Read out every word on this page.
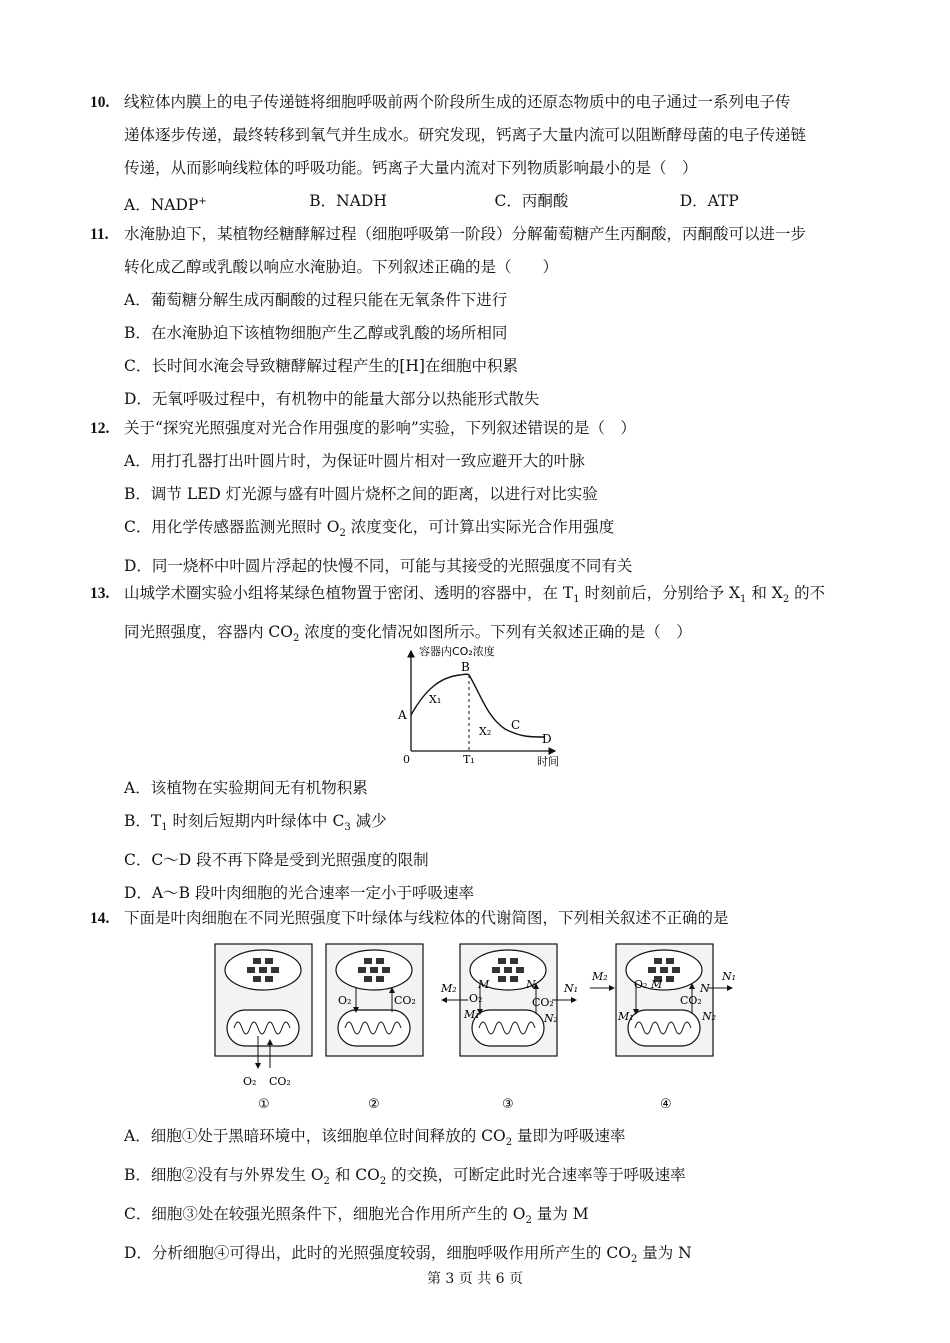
10. 线粒体内膜上的电子传递链将细胞呼吸前两个阶段所生成的还原态物质中的电子通过一系列电子传
递体逐步传递，最终转移到氧气并生成水。研究发现，钙离子大量内流可以阻断酵母菌的电子传递链
传递，从而影响线粒体的呼吸功能。钙离子大量内流对下列物质影响最小的是（　）
A．NADP+	B．NADH	C．丙酮酸	D．ATP
11. 水淹胁迫下，某植物经糖酵解过程（细胞呼吸第一阶段）分解葡萄糖产生丙酮酸，丙酮酸可以进一步
转化成乙醇或乳酸以响应水淹胁迫。下列叙述正确的是（　　）
A．葡萄糖分解生成丙酮酸的过程只能在无氧条件下进行
B．在水淹胁迫下该植物细胞产生乙醇或乳酸的场所相同
C．长时间水淹会导致糖酵解过程产生的[H]在细胞中积累
D．无氧呼吸过程中，有机物中的能量大部分以热能形式散失
12. 关于“探究光照强度对光合作用强度的影响”实验，下列叙述错误的是（　）
A．用打孔器打出叶圆片时，为保证叶圆片相对一致应避开大的叶脉
B．调节 LED 灯光源与盛有叶圆片烧杯之间的距离，以进行对比实验
C．用化学传感器监测光照时 $O_2$ 浓度变化，可计算出实际光合作用强度
D．同一烧杯中叶圆片浮起的快慢不同，可能与其接受的光照强度不同有关
13. 山城学术圈实验小组将某绿色植物置于密闭、透明的容器中，在 $T_1$ 时刻前后，分别给予 $X_1$ 和 $X_2$ 的不
同光照强度，容器内 $CO_2$ 浓度的变化情况如图所示。下列有关叙述正确的是（　）
容器内CO₂浓度
时间
0	T₁
A
B
C
D
X₁
X₂
A．该植物在实验期间无有机物积累
B．$T_1$ 时刻后短期内叶绿体中 $C_3$ 减少
C．C～D 段不再下降是受到光照强度的限制
D．A～B 段叶肉细胞的光合速率一定小于呼吸速率
14. 下面是叶肉细胞在不同光照强度下叶绿体与线粒体的代谢简图，下列相关叙述不正确的是
O₂ CO₂
①
O₂	CO₂
②
M₂ M
O₂
M₁
N
CO₂
N₂
N₁
③
M₂
O₂ M
M₁
CO₂
N
N₂
N₁
④
A．细胞①处于黑暗环境中，该细胞单位时间释放的 $CO_2$ 量即为呼吸速率
B．细胞②没有与外界发生 $O_2$ 和 $CO_2$ 的交换，可断定此时光合速率等于呼吸速率
C．细胞③处在较强光照条件下，细胞光合作用所产生的 $O_2$ 量为 M
D．分析细胞④可得出，此时的光照强度较弱，细胞呼吸作用所产生的 $CO_2$ 量为 N
第 3 页 共 6 页
